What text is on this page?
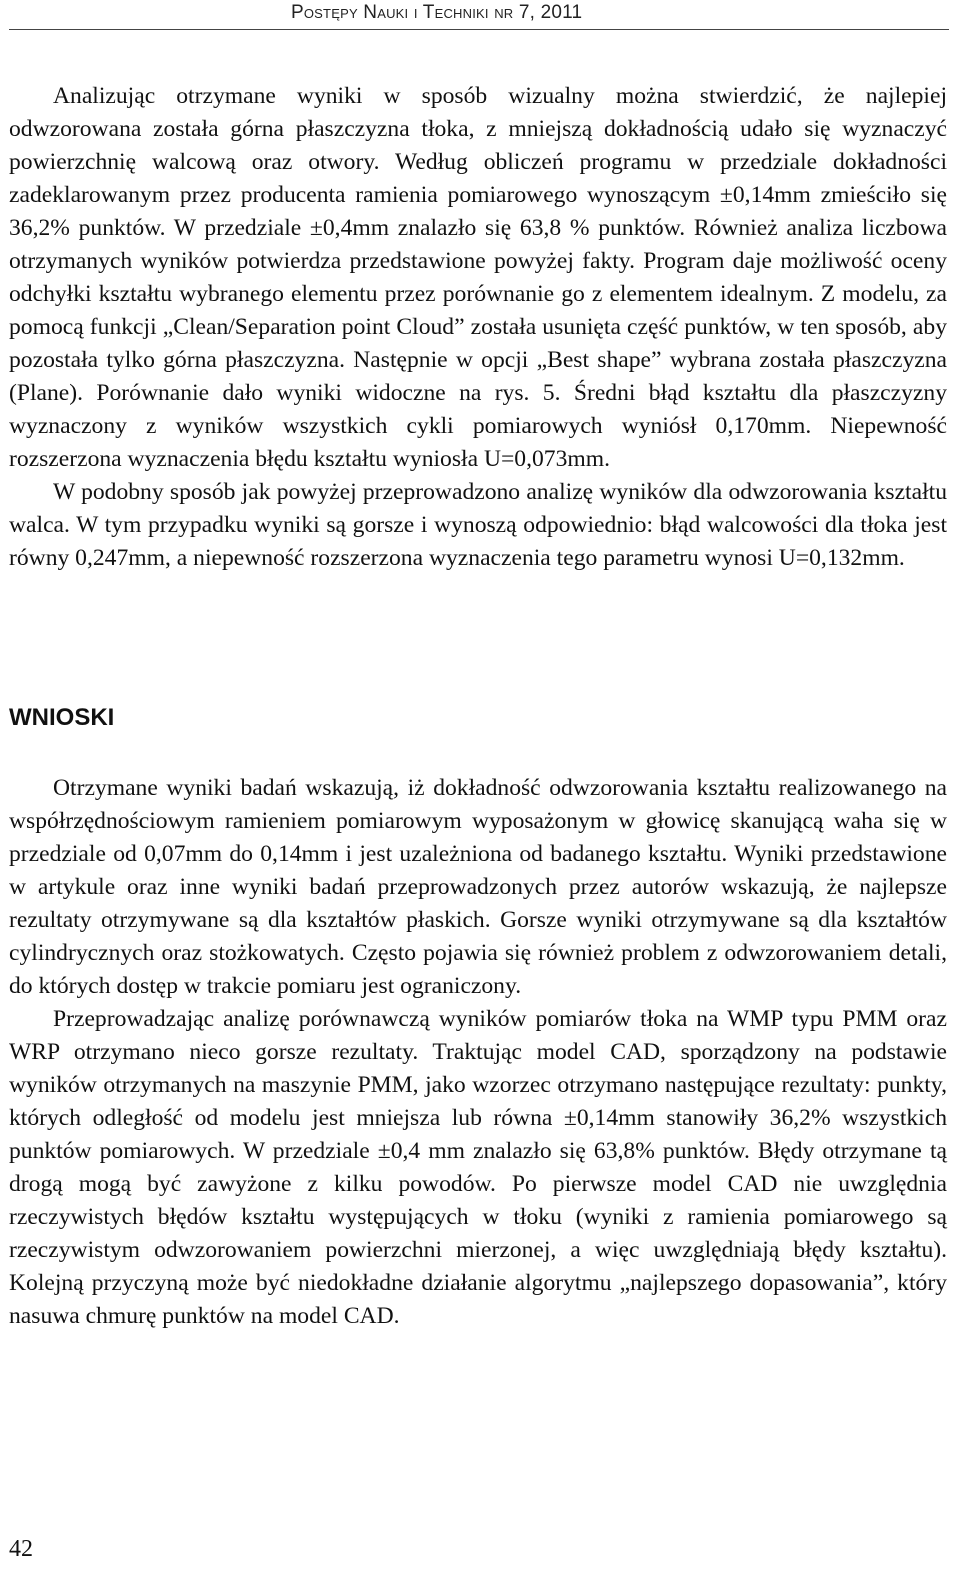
Postępy Nauki i Techniki nr 7, 2011

Analizując otrzymane wyniki w sposób wizualny można stwierdzić, że najlepiej odwzorowana została górna płaszczyzna tłoka, z mniejszą dokładnością udało się wyznaczyć powierzchnię walcową oraz otwory. Według obliczeń programu w przedziale dokładności zadeklarowanym przez producenta ramienia pomiarowego wynoszącym ±0,14mm zmieściło się 36,2% punktów. W przedziale ±0,4mm znalazło się 63,8 % punktów. Również analiza liczbowa otrzymanych wyników potwierdza przedstawione powyżej fakty. Program daje możliwość oceny odchyłki kształtu wybranego elementu przez porównanie go z elementem idealnym. Z modelu, za pomocą funkcji „Clean/Separation point Cloud” została usunięta część punktów, w ten sposób, aby pozostała tylko górna płaszczyzna. Następnie w opcji „Best shape” wybrana została płaszczyzna (Plane). Porównanie dało wyniki widoczne na rys. 5. Średni błąd kształtu dla płaszczyzny wyznaczony z wyników wszystkich cykli pomiarowych wyniósł 0,170mm. Niepewność rozszerzona wyznaczenia błędu kształtu wyniosła U=0,073mm.

W podobny sposób jak powyżej przeprowadzono analizę wyników dla odwzorowania kształtu walca. W tym przypadku wyniki są gorsze i wynoszą odpowiednio: błąd walcowości dla tłoka jest równy 0,247mm, a niepewność rozszerzona wyznaczenia tego parametru wynosi U=0,132mm.

WNIOSKI

Otrzymane wyniki badań wskazują, iż dokładność odwzorowania kształtu realizowanego na współrzędnościowym ramieniem pomiarowym wyposażonym w głowicę skanującą waha się w przedziale od 0,07mm do 0,14mm i jest uzależniona od badanego kształtu. Wyniki przedstawione w artykule oraz inne wyniki badań przeprowadzonych przez autorów wskazują, że najlepsze rezultaty otrzymywane są dla kształtów płaskich. Gorsze wyniki otrzymywane są dla kształtów cylindrycznych oraz stożkowatych. Często pojawia się również problem z odwzorowaniem detali, do których dostęp w trakcie pomiaru jest ograniczony.

Przeprowadzając analizę porównawczą wyników pomiarów tłoka na WMP typu PMM oraz WRP otrzymano nieco gorsze rezultaty. Traktując model CAD, sporządzony na podstawie wyników otrzymanych na maszynie PMM, jako wzorzec otrzymano następujące rezultaty: punkty, których odległość od modelu jest mniejsza lub równa ±0,14mm stanowiły 36,2% wszystkich punktów pomiarowych. W przedziale ±0,4 mm znalazło się 63,8% punktów. Błędy otrzymane tą drogą mogą być zawyżone z kilku powodów. Po pierwsze model CAD nie uwzględnia rzeczywistych błędów kształtu występujących w tłoku (wyniki z ramienia pomiarowego są rzeczywistym odwzorowaniem powierzchni mierzonej, a więc uwzględniają błędy kształtu). Kolejną przyczyną może być niedokładne działanie algorytmu „najlepszego dopasowania”, który nasuwa chmurę punktów na model CAD.

42
